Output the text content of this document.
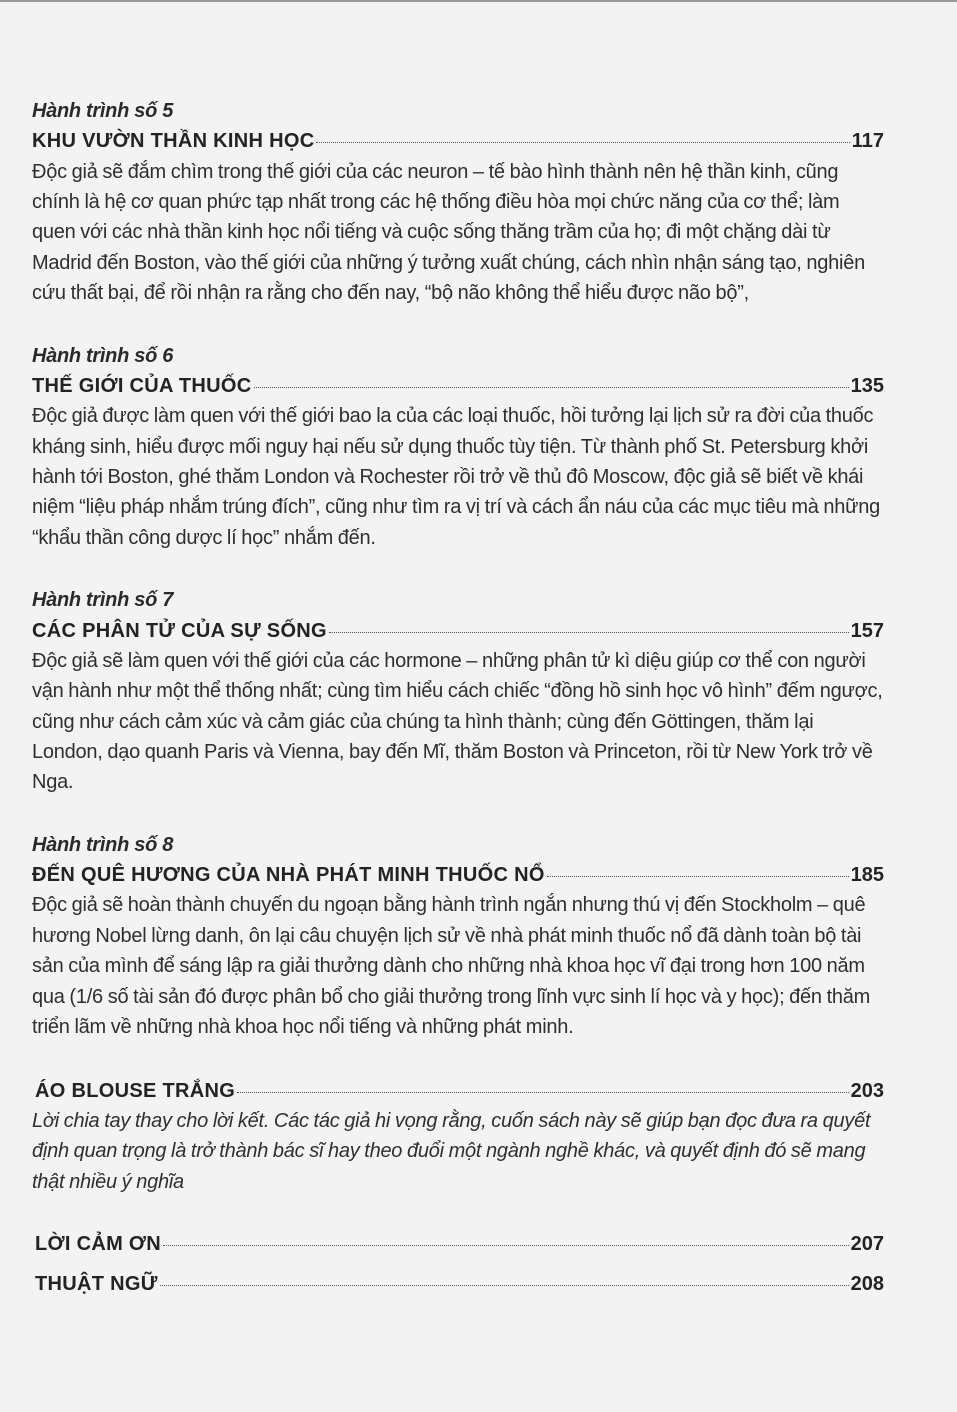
Hành trình số 5
KHU VƯỜN THẦN KINH HỌC	117
Độc giả sẽ đắm chìm trong thế giới của các neuron – tế bào hình thành nên hệ thần kinh, cũng chính là hệ cơ quan phức tạp nhất trong các hệ thống điều hòa mọi chức năng của cơ thể; làm quen với các nhà thần kinh học nổi tiếng và cuộc sống thăng trầm của họ; đi một chặng dài từ Madrid đến Boston, vào thế giới của những ý tưởng xuất chúng, cách nhìn nhận sáng tạo, nghiên cứu thất bại, để rồi nhận ra rằng cho đến nay, “bộ não không thể hiểu được não bộ”,
Hành trình số 6
THẾ GIỚI CỦA THUỐC	135
Độc giả được làm quen với thế giới bao la của các loại thuốc, hồi tưởng lại lịch sử ra đời của thuốc kháng sinh, hiểu được mối nguy hại nếu sử dụng thuốc tùy tiện. Từ thành phố St. Petersburg khởi hành tới Boston, ghé thăm London và Rochester rồi trở về thủ đô Moscow, độc giả sẽ biết về khái niệm “liệu pháp nhắm trúng đích”, cũng như tìm ra vị trí và cách ẩn náu của các mục tiêu mà những “khẩu thần công dược lí học” nhắm đến.
Hành trình số 7
CÁC PHÂN TỬ CỦA SỰ SỐNG	157
Độc giả sẽ làm quen với thế giới của các hormone – những phân tử kì diệu giúp cơ thể con người vận hành như một thể thống nhất; cùng tìm hiểu cách chiếc “đồng hồ sinh học vô hình” đếm ngược, cũng như cách cảm xúc và cảm giác của chúng ta hình thành; cùng đến Göttingen, thăm lại London, dạo quanh Paris và Vienna, bay đến Mĩ, thăm Boston và Princeton, rồi từ New York trở về Nga.
Hành trình số 8
ĐẾN QUÊ HƯƠNG CỦA NHÀ PHÁT MINH THUỐC NỔ	185
Độc giả sẽ hoàn thành chuyến du ngoạn bằng hành trình ngắn nhưng thú vị đến Stockholm – quê hương Nobel lừng danh, ôn lại câu chuyện lịch sử về nhà phát minh thuốc nổ đã dành toàn bộ tài sản của mình để sáng lập ra giải thưởng dành cho những nhà khoa học vĩ đại trong hơn 100 năm qua (1/6 số tài sản đó được phân bổ cho giải thưởng trong lĩnh vực sinh lí học và y học); đến thăm triển lãm về những nhà khoa học nổi tiếng và những phát minh.
ÁO BLOUSE TRẮNG	203
Lời chia tay thay cho lời kết. Các tác giả hi vọng rằng, cuốn sách này sẽ giúp bạn đọc đưa ra quyết định quan trọng là trở thành bác sĩ hay theo đuổi một ngành nghề khác, và quyết định đó sẽ mang thật nhiều ý nghĩa
LỜI CẢM ƠN	207
THUẬT NGỮ	208
